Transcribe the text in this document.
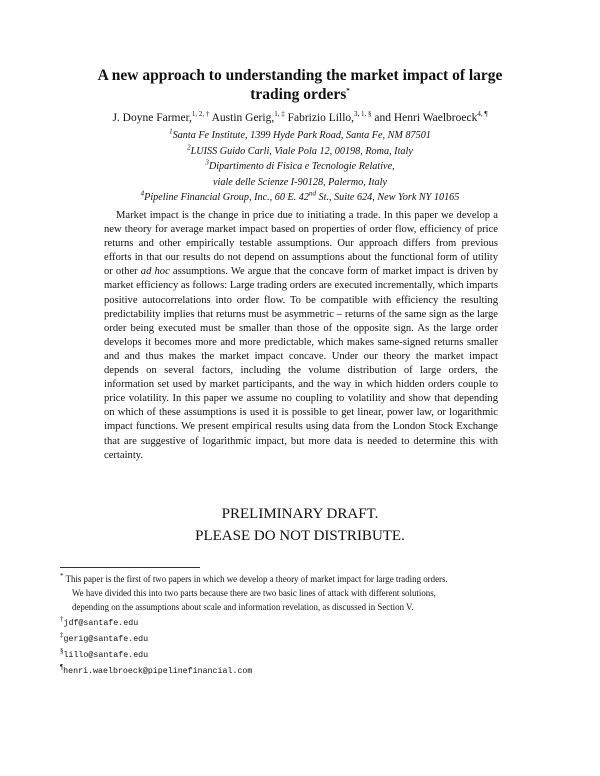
A new approach to understanding the market impact of large
trading orders*
J. Doyne Farmer,$^{1, 2, \dagger}$ Austin Gerig,$^{1, \ddagger}$ Fabrizio Lillo,$^{3, 1, \S}$ and Henri Waelbroeck$^{4, \P}$
$^1$Santa Fe Institute, 1399 Hyde Park Road, Santa Fe, NM 87501
$^2$LUISS Guido Carli, Viale Pola 12, 00198, Roma, Italy
$^3$Dipartimento di Fisica e Tecnologie Relative,
viale delle Scienze I-90128, Palermo, Italy
$^4$Pipeline Financial Group, Inc., 60 E. 42nd St., Suite 624, New York NY 10165
Market impact is the change in price due to initiating a trade. In this paper we develop a new theory for average market impact based on properties of order flow, efficiency of price returns and other empirically testable assumptions. Our approach differs from previous efforts in that our results do not depend on assumptions about the functional form of utility or other ad hoc assumptions. We argue that the concave form of market impact is driven by market efficiency as follows: Large trading orders are executed incrementally, which imparts positive autocorrelations into order flow. To be compatible with efficiency the resulting predictability implies that returns must be asymmetric – returns of the same sign as the large order being executed must be smaller than those of the opposite sign. As the large order develops it becomes more and more predictable, which makes same-signed returns smaller and and thus makes the market impact concave. Under our theory the market impact depends on several factors, including the volume distribution of large orders, the information set used by market participants, and the way in which hidden orders couple to price volatility. In this paper we assume no coupling to volatility and show that depending on which of these assumptions is used it is possible to get linear, power law, or logarithmic impact functions. We present empirical results using data from the London Stock Exchange that are suggestive of logarithmic impact, but more data is needed to determine this with certainty.
PRELIMINARY DRAFT.
PLEASE DO NOT DISTRIBUTE.
* This paper is the first of two papers in which we develop a theory of market impact for large trading orders.
We have divided this into two parts because there are two basic lines of attack with different solutions,
depending on the assumptions about scale and information revelation, as discussed in Section V.
†jdf@santafe.edu
‡gerig@santafe.edu
§lillo@santafe.edu
¶henri.waelbroeck@pipelinefinancial.com
